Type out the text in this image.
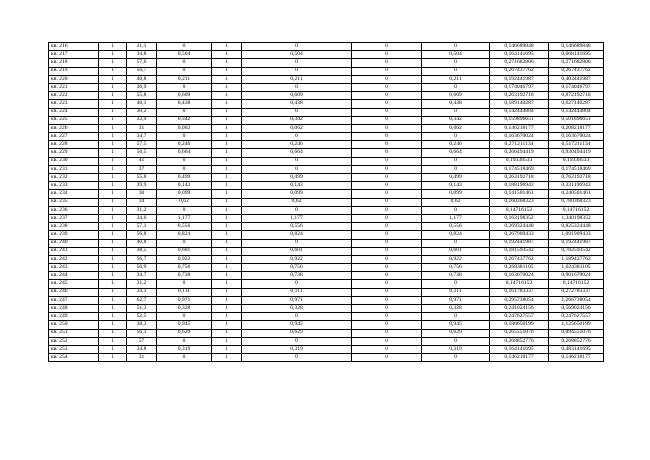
кв. 216	1	31,1	0	1	0	0	0	0,146689848	0,146689848
кв. 217	1	34,8	0,504	1	0,504	0	0,504	0,164141695	0,668141695
кв. 218	1	57,6	0	1	0	0	0	0,271682806	0,271682806
кв. 219	1	56,7	0	1	0	0	0	0,267437762	0,267437762
кв. 220	1	40,8	0,211	1	0,211	0	0,211	0,192441987	0,403441987
кв. 221	1	36,9	0	1	0	0	0	0,174046797	0,174046797
кв. 222	1	55,8	0,609	1	0,609	0	0,609	0,263192718	0,872192718
кв. 223	1	40,1	0,438	1	0,438	0	0,438	0,189140287	0,627140287
кв. 224	1	30,2	0	1	0	0	0	0,142444804	0,142444804
кв. 225	1	33,9	0,342	1	0,342	0	0,342	0,159896651	0,501896651
кв. 226	1	31	0,062	1	0,062	0	0,062	0,146218177	0,208218177
кв. 227	1	34,7	0	1	0	0	0	0,163670024	0,163670024
кв. 228	1	57,5	0,246	1	0,246	0	0,246	0,271211134	0,517211134
кв. 229	1	56,5	0,664	1	0,664	0	0,664	0,266494419	0,930494419
кв. 230	1	41	0	1	0	0	0	0,19338533	0,19338533
кв. 231	1	37	0	1	0	0	0	0,174518469	0,174518469
кв. 232	1	55,8	0,499	1	0,499	0	0,499	0,263192718	0,762192718
кв. 233	1	39,9	0,143	1	0,143	0	0,143	0,188196943	0,331196943
кв. 234	1	30	0,099	1	0,099	0	0,099	0,141501461	0,240501461
кв. 235	1	34	0,62	1	0,62	0	0,62	0,160368323	0,780368323
кв. 236	1	31,2	0	1	0	0	0	0,14716152	0,14716152
кв. 237	1	34,6	1,177	1	1,177	0	1,177	0,163198352	1,340198352
кв. 238	1	57,1	0,556	1	0,556	0	0,556	0,269324448	0,825324448
кв. 239	1	56,8	0,824	1	0,824	0	0,824	0,267909433	1,091909433
кв. 240	1	40,8	0	1	0	0	0	0,192441987	0,192441987
кв. 241	1	38,5	0,601	1	0,601	0	0,601	0,181593542	0,782593542
кв. 242	1	56,7	0,922	1	0,922	0	0,922	0,267437762	1,189437762
кв. 243	1	56,9	0,756	1	0,756	0	0,756	0,268381105	1,024381105
кв. 244	1	34,7	0,738	1	0,738	0	0,738	0,163670024	0,901670024
кв. 245	1	31,2	0	1	0	0	0	0,14716152	0,14716152
кв. 246	1	34,3	0,111	1	0,111	0	0,111	0,161783337	0,272783337
кв. 247	1	62,7	0,971	1	0,971	0	0,971	0,295738054	1,266738054
кв. 248	1	51,3	0,328	1	0,328	0	0,328	0,241024156	0,569024156
кв. 249	1	52,5	0	1	0	0	0	0,247627557	0,247627557
кв. 250	1	38,3	0,945	1	0,945	0	0,945	0,180650199	1,125650199
кв. 251	1	56,3	0,629	1	0,629	0	0,629	0,265551076	0,894551076
кв. 252	1	57	0	1	0	0	0	0,268852776	0,268852776
кв. 253	1	34,8	0,319	1	0,319	0	0,319	0,164141695	0,483141695
кв. 254	1	31	0	1	0	0	0	0,146218177	0,146218177
